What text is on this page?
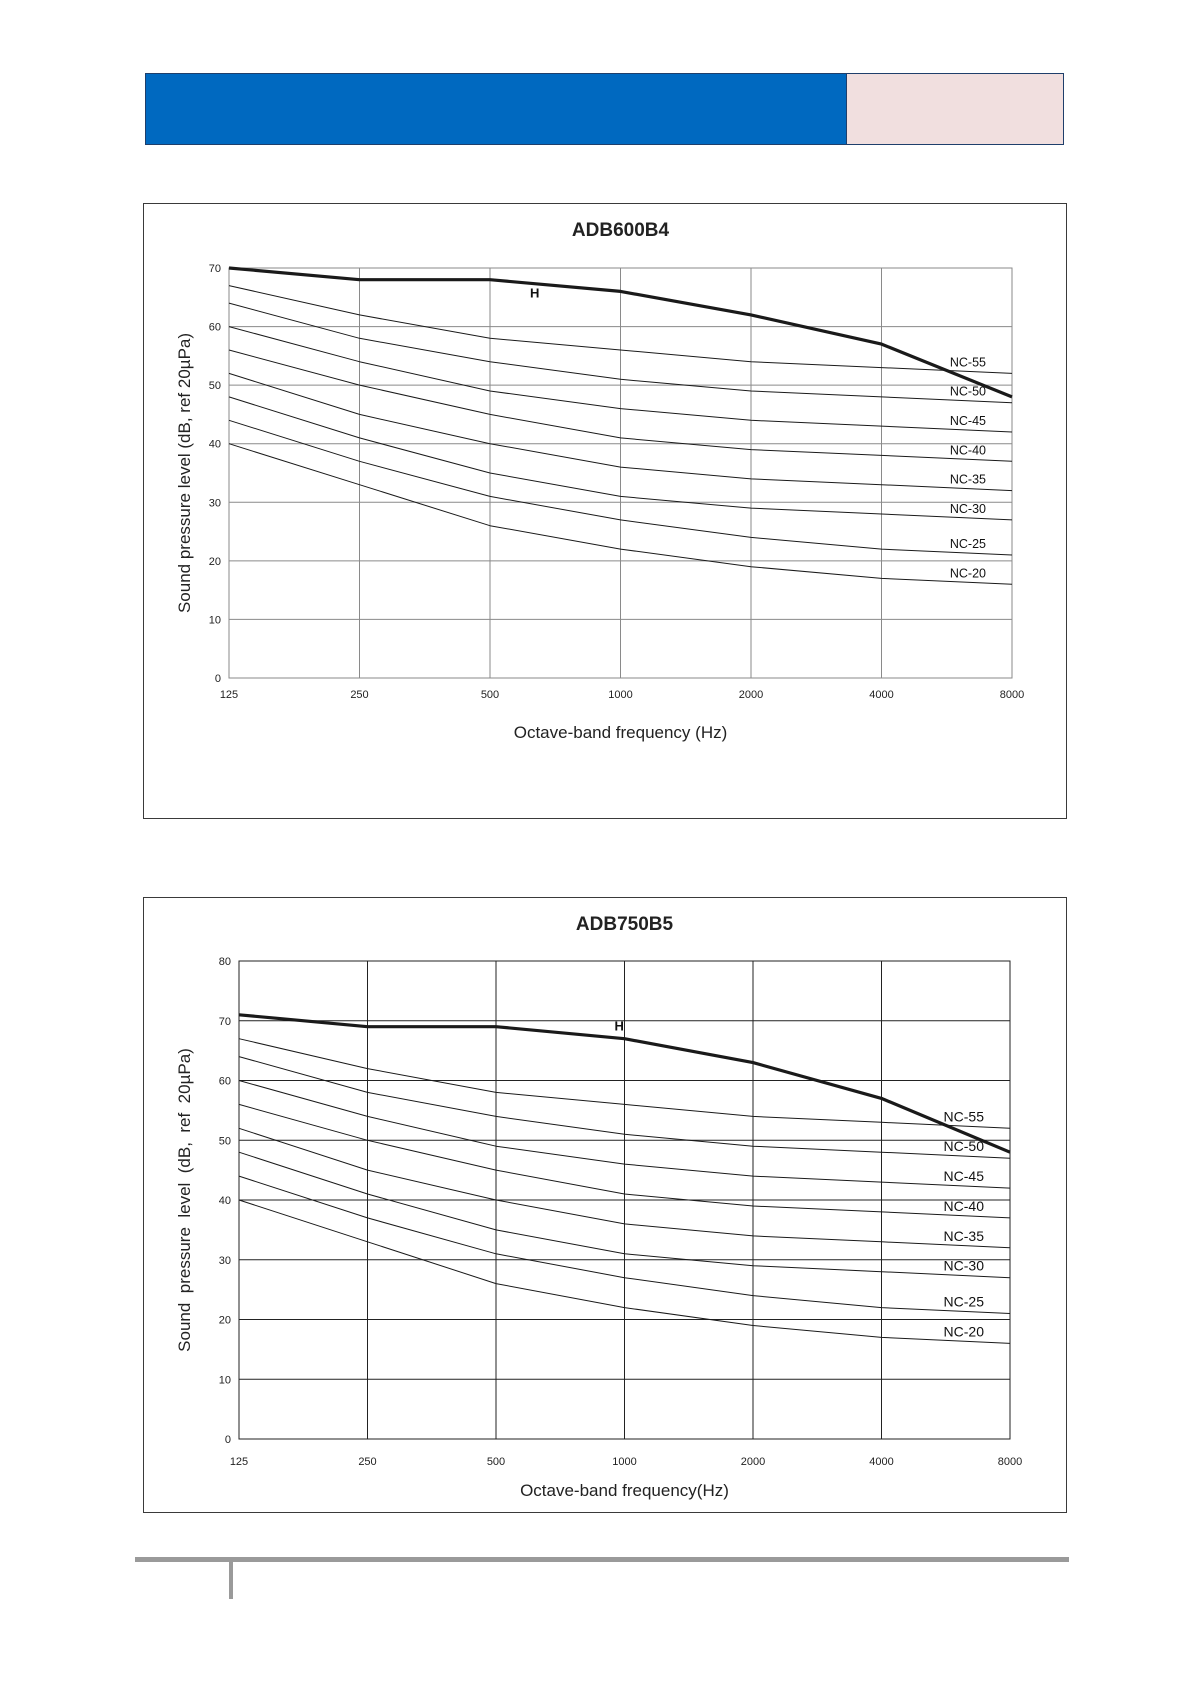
0
10
20
30
40
50
60
70
125	250	500	1000	2000	4000	8000
H
NC-55
NC-50
NC-45
NC-40
NC-35
NC-30
NC-25
NC-20
ADB600B4
Octave-band frequency (Hz)
Sound pressure level (dB, ref 20µPa)
0
10
20
30
40
50
60
70
80
125	250	500	1000	2000	4000	8000
H
NC-55
NC-50
NC-45
NC-40
NC-35
NC-30
NC-25
NC-20
ADB750B5
Octave-band frequency(Hz)
Sound  pressure  level  (dB,  ref  20µPa)
